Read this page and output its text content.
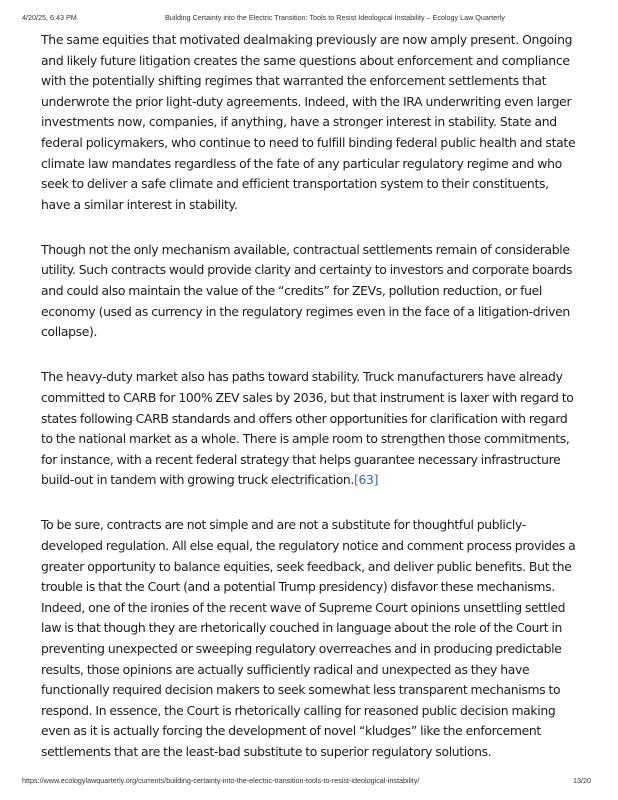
4/20/25, 6:43 PM	Building Certainty into the Electric Transition: Tools to Resist Ideological Instability – Ecology Law Quarterly

The same equities that motivated dealmaking previously are now amply present. Ongoing and likely future litigation creates the same questions about enforcement and compliance with the potentially shifting regimes that warranted the enforcement settlements that underwrote the prior light-duty agreements. Indeed, with the IRA underwriting even larger investments now, companies, if anything, have a stronger interest in stability. State and federal policymakers, who continue to need to fulfill binding federal public health and state climate law mandates regardless of the fate of any particular regulatory regime and who seek to deliver a safe climate and efficient transportation system to their constituents, have a similar interest in stability.

Though not the only mechanism available, contractual settlements remain of considerable utility. Such contracts would provide clarity and certainty to investors and corporate boards and could also maintain the value of the “credits” for ZEVs, pollution reduction, or fuel economy (used as currency in the regulatory regimes even in the face of a litigation-driven collapse).

The heavy-duty market also has paths toward stability. Truck manufacturers have already committed to CARB for 100% ZEV sales by 2036, but that instrument is laxer with regard to states following CARB standards and offers other opportunities for clarification with regard to the national market as a whole. There is ample room to strengthen those commitments, for instance, with a recent federal strategy that helps guarantee necessary infrastructure build-out in tandem with growing truck electrification.[63]

To be sure, contracts are not simple and are not a substitute for thoughtful publicly-developed regulation. All else equal, the regulatory notice and comment process provides a greater opportunity to balance equities, seek feedback, and deliver public benefits. But the trouble is that the Court (and a potential Trump presidency) disfavor these mechanisms. Indeed, one of the ironies of the recent wave of Supreme Court opinions unsettling settled law is that though they are rhetorically couched in language about the role of the Court in preventing unexpected or sweeping regulatory overreaches and in producing predictable results, those opinions are actually sufficiently radical and unexpected as they have functionally required decision makers to seek somewhat less transparent mechanisms to respond. In essence, the Court is rhetorically calling for reasoned public decision making even as it is actually forcing the development of novel “kludges” like the enforcement settlements that are the least-bad substitute to superior regulatory solutions.

https://www.ecologylawquarterly.org/currents/building-certainty-into-the-electric-transition-tools-to-resist-ideological-instability/	13/20
